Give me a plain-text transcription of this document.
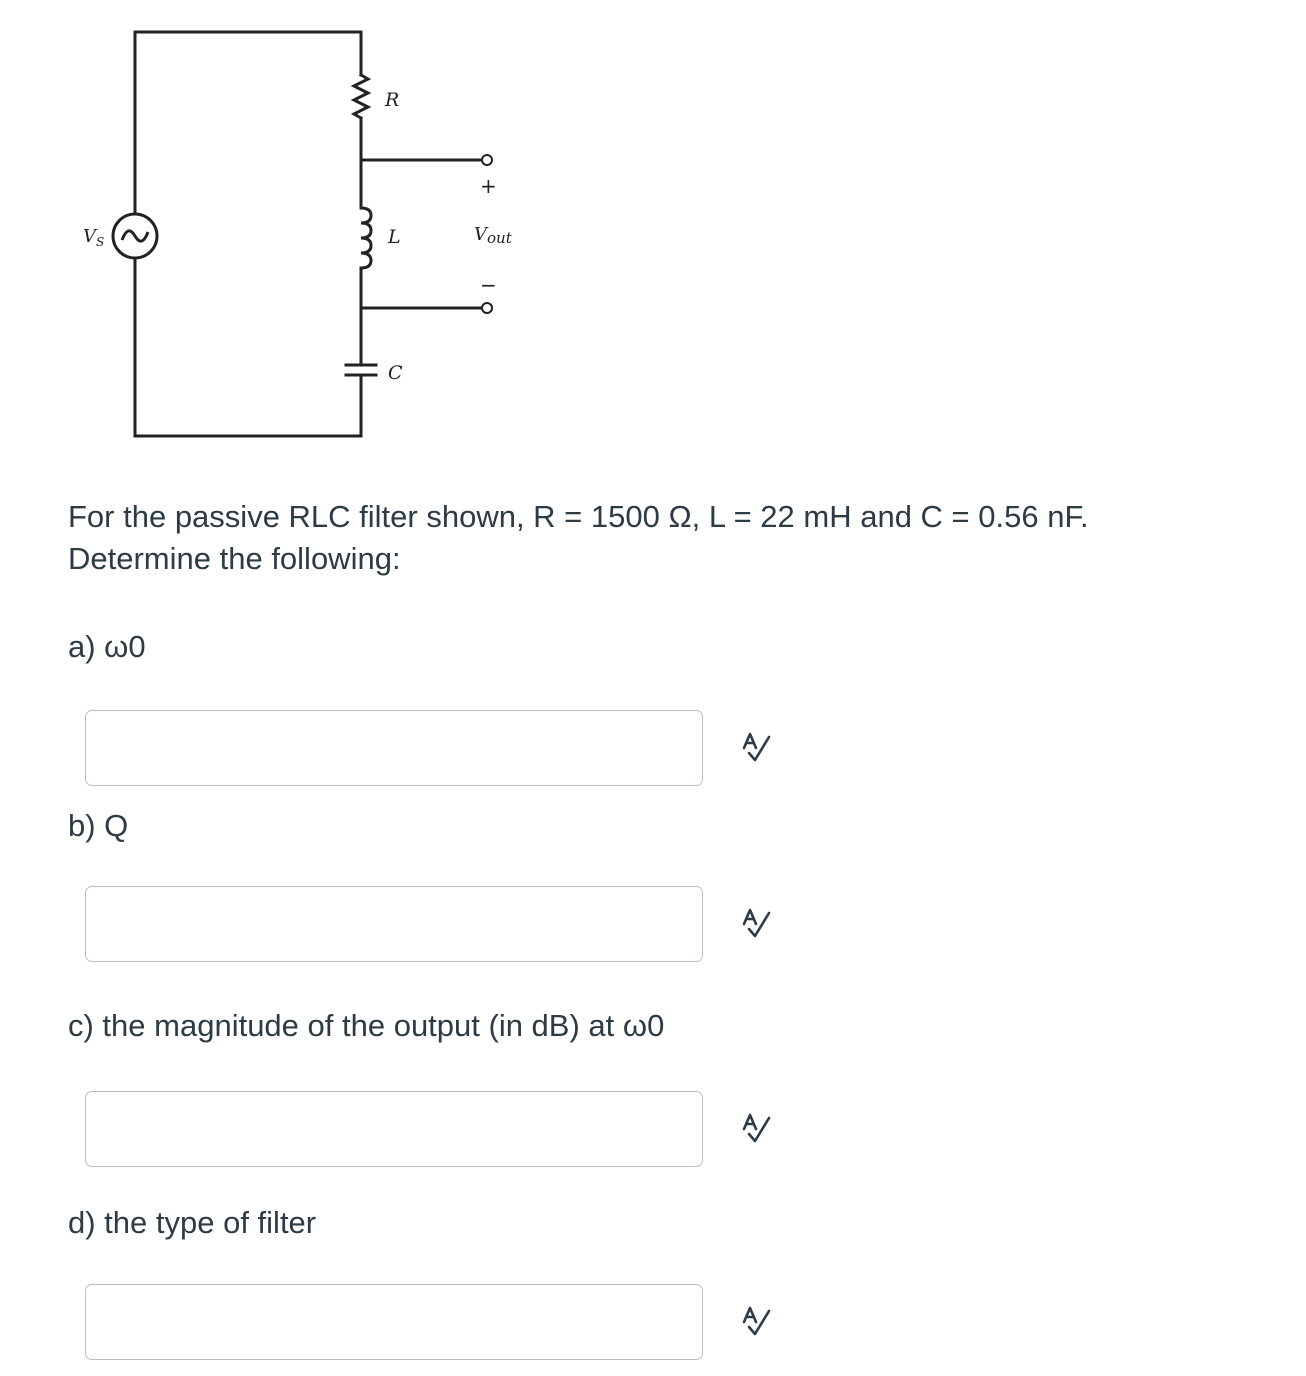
$V_S$
R
L
C
+
−
Vout
For the passive RLC filter shown, R = 1500 Ω, L = 22 mH and C = 0.56 nF.
Determine the following:
a) ω0
b) Q
c) the magnitude of the output (in dB) at ω0
d) the type of filter
